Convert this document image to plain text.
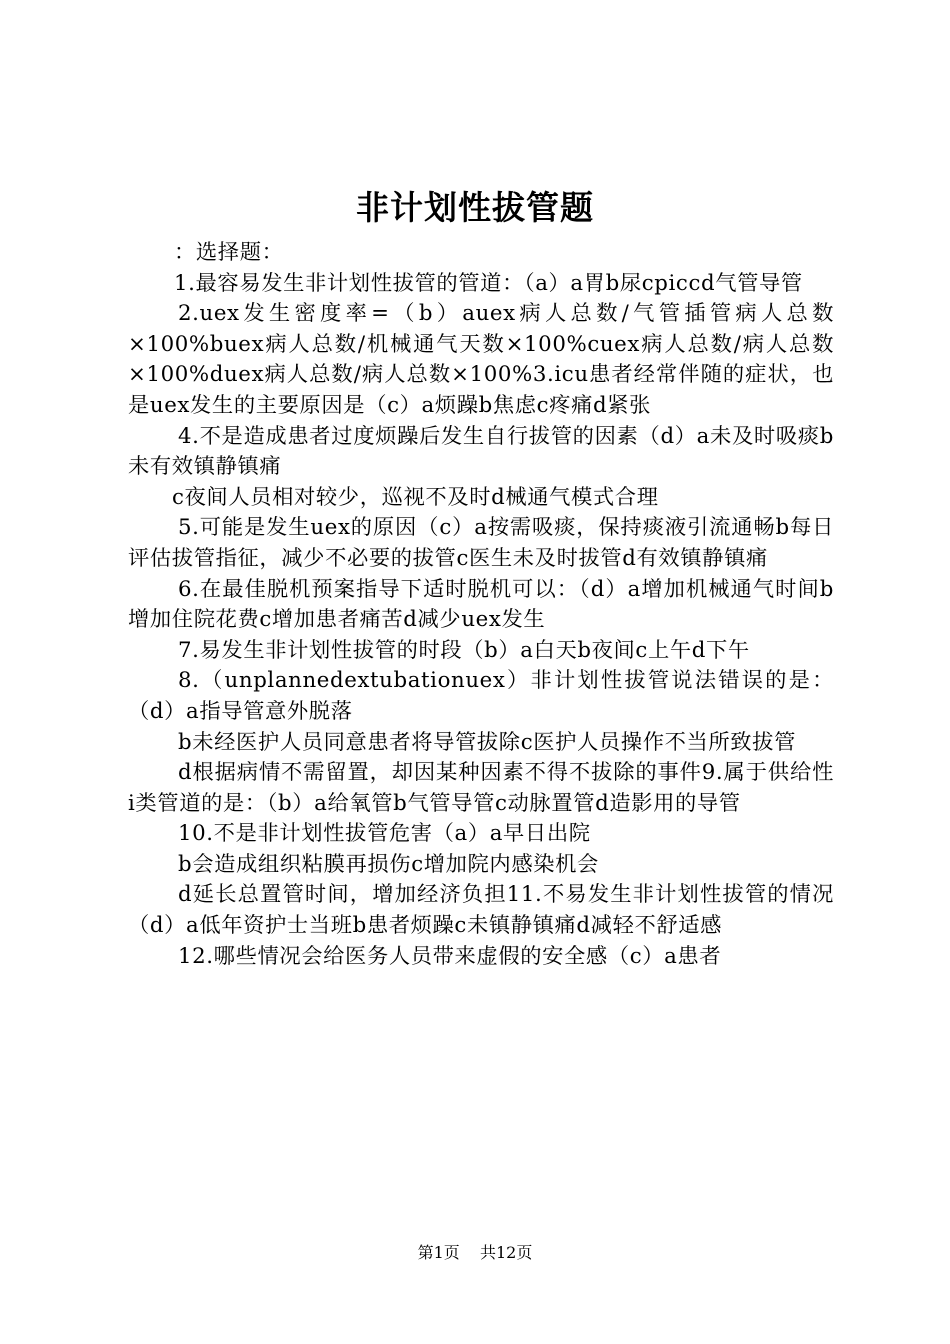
非计划性拔管题

：选择题：

1.最容易发生非计划性拔管的管道：（a）a胃b尿cpiccd气管导管

2.uex发生密度率=（b）auex病人总数/气管插管病人总数×100%buex病人总数/机械通气天数×100%cuex病人总数/病人总数×100%duex病人总数/病人总数×100%3.icu患者经常伴随的症状，也是uex发生的主要原因是（c）a烦躁b焦虑c疼痛d紧张

4.不是造成患者过度烦躁后发生自行拔管的因素（d）a未及时吸痰b未有效镇静镇痛

c夜间人员相对较少，巡视不及时d械通气模式合理

5.可能是发生uex的原因（c）a按需吸痰，保持痰液引流通畅b每日评估拔管指征，减少不必要的拔管c医生未及时拔管d有效镇静镇痛

6.在最佳脱机预案指导下适时脱机可以：（d）a增加机械通气时间b增加住院花费c增加患者痛苦d减少uex发生

7.易发生非计划性拔管的时段（b）a白天b夜间c上午d下午

8.（unplannedextubationuex）非计划性拔管说法错误的是：（d）a指导管意外脱落

b未经医护人员同意患者将导管拔除c医护人员操作不当所致拔管

d根据病情不需留置，却因某种因素不得不拔除的事件9.属于供给性i类管道的是：（b）a给氧管b气管导管c动脉置管d造影用的导管

10.不是非计划性拔管危害（a）a早日出院

b会造成组织粘膜再损伤c增加院内感染机会

d延长总置管时间，增加经济负担11.不易发生非计划性拔管的情况（d）a低年资护士当班b患者烦躁c未镇静镇痛d减轻不舒适感

12.哪些情况会给医务人员带来虚假的安全感（c）a患者

第1页 共12页
